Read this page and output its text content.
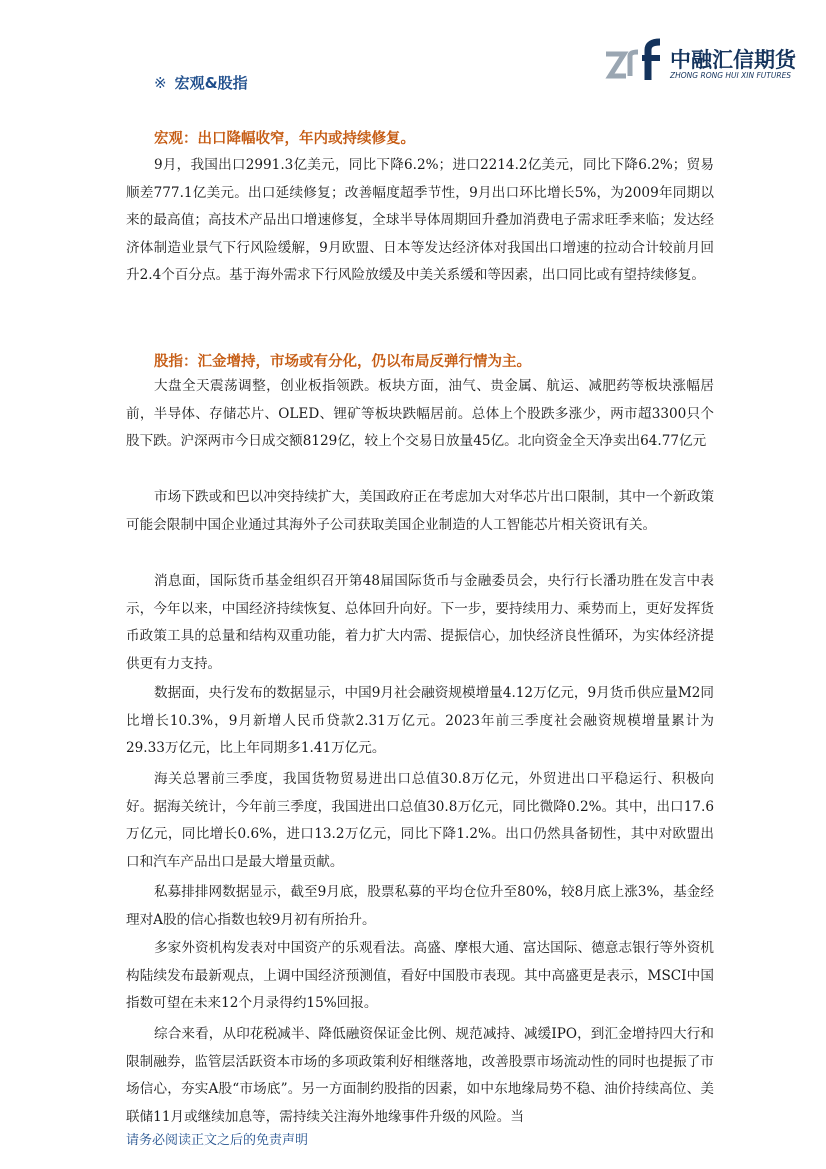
中融汇信期货
ZHONG RONG HUI XIN FUTURES
※ 宏观&股指
宏观：出口降幅收窄，年内或持续修复。

9月，我国出口2991.3亿美元，同比下降6.2%；进口2214.2亿美元，同比下降6.2%；贸易顺差777.1亿美元。出口延续修复；改善幅度超季节性，9月出口环比增长5%，为2009年同期以来的最高值；高技术产品出口增速修复，全球半导体周期回升叠加消费电子需求旺季来临；发达经济体制造业景气下行风险缓解，9月欧盟、日本等发达经济体对我国出口增速的拉动合计较前月回升2.4个百分点。基于海外需求下行风险放缓及中美关系缓和等因素，出口同比或有望持续修复。

股指：汇金增持，市场或有分化，仍以布局反弹行情为主。

大盘全天震荡调整，创业板指领跌。板块方面，油气、贵金属、航运、减肥药等板块涨幅居前，半导体、存储芯片、OLED、锂矿等板块跌幅居前。总体上个股跌多涨少，两市超3300只个股下跌。沪深两市今日成交额8129亿，较上个交易日放量45亿。北向资金全天净卖出64.77亿元

市场下跌或和巴以冲突持续扩大，美国政府正在考虑加大对华芯片出口限制，其中一个新政策可能会限制中国企业通过其海外子公司获取美国企业制造的人工智能芯片相关资讯有关。

消息面，国际货币基金组织召开第48届国际货币与金融委员会，央行行长潘功胜在发言中表示，今年以来，中国经济持续恢复、总体回升向好。下一步，要持续用力、乘势而上，更好发挥货币政策工具的总量和结构双重功能，着力扩大内需、提振信心，加快经济良性循环，为实体经济提供更有力支持。

数据面，央行发布的数据显示，中国9月社会融资规模增量4.12万亿元，9月货币供应量M2同比增长10.3%，9月新增人民币贷款2.31万亿元。2023年前三季度社会融资规模增量累计为29.33万亿元，比上年同期多1.41万亿元。

海关总署前三季度，我国货物贸易进出口总值30.8万亿元，外贸进出口平稳运行、积极向好。据海关统计，今年前三季度，我国进出口总值30.8万亿元，同比微降0.2%。其中，出口17.6万亿元，同比增长0.6%，进口13.2万亿元，同比下降1.2%。出口仍然具备韧性，其中对欧盟出口和汽车产品出口是最大增量贡献。

私募排排网数据显示，截至9月底，股票私募的平均仓位升至80%，较8月底上涨3%，基金经理对A股的信心指数也较9月初有所抬升。

多家外资机构发表对中国资产的乐观看法。高盛、摩根大通、富达国际、德意志银行等外资机构陆续发布最新观点，上调中国经济预测值，看好中国股市表现。其中高盛更是表示，MSCI中国指数可望在未来12个月录得约15%回报。

综合来看，从印花税减半、降低融资保证金比例、规范减持、减缓IPO，到汇金增持四大行和限制融券，监管层活跃资本市场的多项政策利好相继落地，改善股票市场流动性的同时也提振了市场信心，夯实A股“市场底”。另一方面制约股指的因素，如中东地缘局势不稳、油价持续高位、美联储11月或继续加息等，需持续关注海外地缘事件升级的风险。当

请务必阅读正文之后的免责声明
